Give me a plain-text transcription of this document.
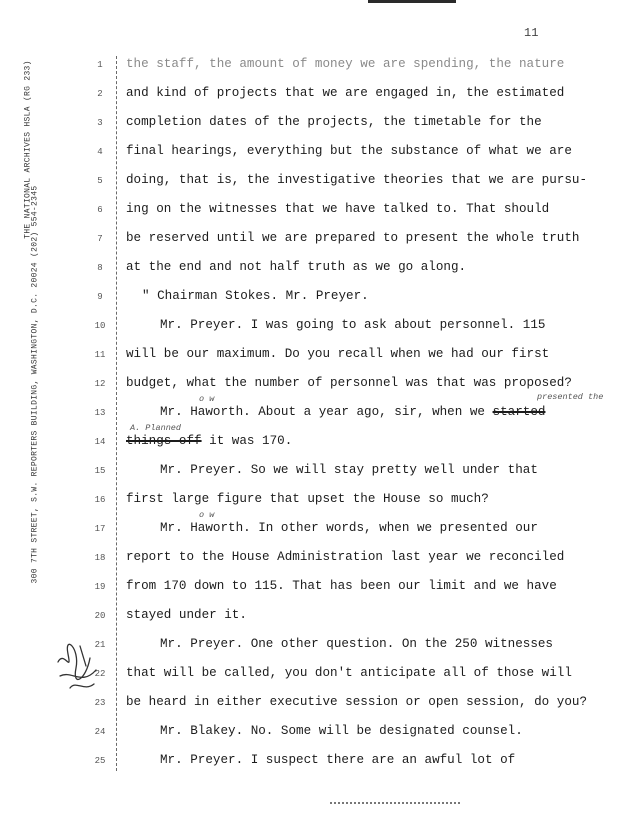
11
THE NATIONAL ARCHIVES HSLA (RG 233)
300 7TH STREET, S.W. REPORTERS BUILDING, WASHINGTON, D.C. 20024 (202) 554-2345
1
2
3
4
5
6
7
8
9
10
11
12
13
14
15
16
17
18
19
20
21
22
23
24
25
the staff, the amount of money we are spending, the nature
and kind of projects that we are engaged in, the estimated
completion dates of the projects, the timetable for the
final hearings, everything but the substance of what we are
doing, that is, the investigative theories that we are pursu-
ing on the witnesses that we have talked to. That should
be reserved until we are prepared to present the whole truth
at the end and not half truth as we go along.
" Chairman Stokes. Mr. Preyer.
Mr. Preyer. I was going to ask about personnel. 115
will be our maximum. Do you recall when we had our first
budget, what the number of personnel was that was proposed?
Mr. Haworth. About a year ago, sir, when we started
things off it was 170.
Mr. Preyer. So we will stay pretty well under that
first large figure that upset the House so much?
Mr. Haworth. In other words, when we presented our
report to the House Administration last year we reconciled
from 170 down to 115. That has been our limit and we have
stayed under it.
Mr. Preyer. One other question. On the 250 witnesses
that will be called, you don't anticipate all of those will
be heard in either executive session or open session, do you?
Mr. Blakey. No. Some will be designated counsel.
Mr. Preyer. I suspect there are an awful lot of
o w	presented the
A. Planned
o w
